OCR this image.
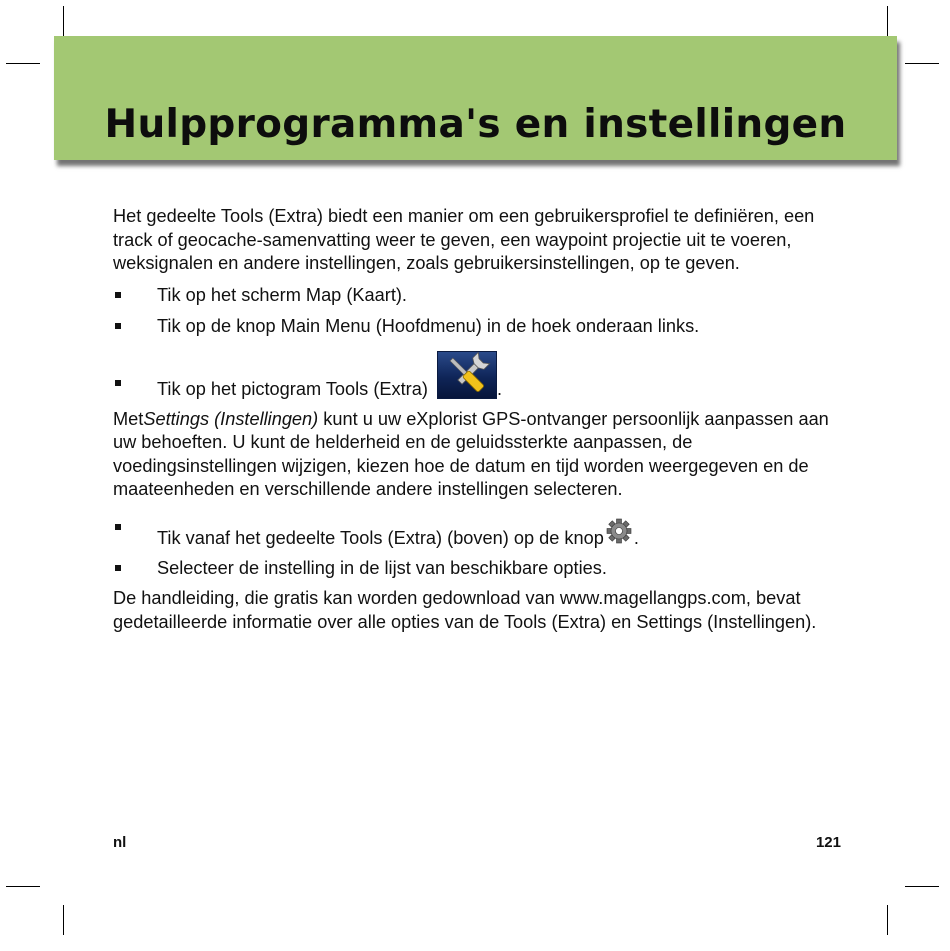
Hulpprogramma's en instellingen

Het gedeelte Tools (Extra) biedt een manier om een gebruikersprofiel te definiëren, een track of geocache-samenvatting weer te geven, een waypoint projectie uit te voeren, weksignalen en andere instellingen, zoals gebruikersinstellingen, op te geven.

Tik op het scherm Map (Kaart).
Tik op de knop Main Menu (Hoofdmenu) in de hoek onderaan links.
Tik op het pictogram Tools (Extra)	.

MetSettings (Instellingen) kunt u uw eXplorist GPS-ontvanger persoonlijk aanpassen aan uw behoeften. U kunt de helderheid en de geluidssterkte aanpassen, de voedingsinstellingen wijzigen, kiezen hoe de datum en tijd worden weergegeven en de maateenheden en verschillende andere instellingen selecteren.

Tik vanaf het gedeelte Tools (Extra) (boven) op de knop .
Selecteer de instelling in de lijst van beschikbare opties.

De handleiding, die gratis kan worden gedownload van www.magellangps.com, bevat gedetailleerde informatie over alle opties van de Tools (Extra) en Settings (Instellingen).

nl	121
